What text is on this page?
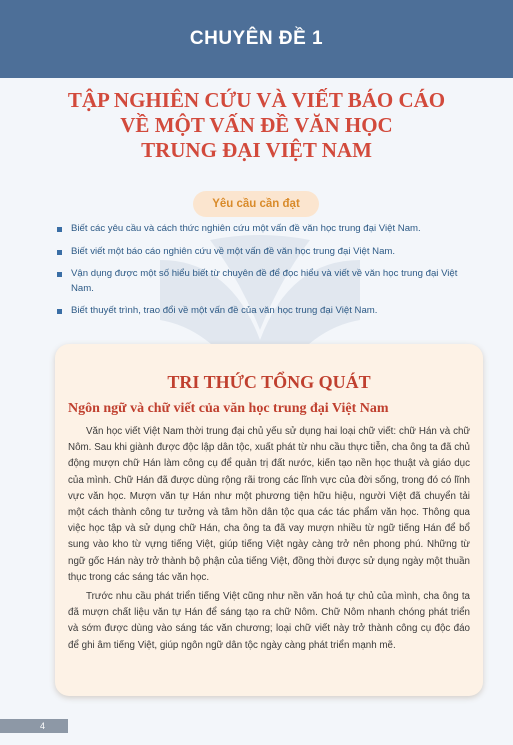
CHUYÊN ĐỀ 1
TẬP NGHIÊN CỨU VÀ VIẾT BÁO CÁO
VỀ MỘT VẤN ĐỀ VĂN HỌC
TRUNG ĐẠI VIỆT NAM
Yêu cầu cần đạt
Biết các yêu cầu và cách thức nghiên cứu một vấn đề văn học trung đại Việt Nam.
Biết viết một báo cáo nghiên cứu về một vấn đề văn học trung đại Việt Nam.
Vận dụng được một số hiểu biết từ chuyên đề để đọc hiểu và viết về văn học trung đại Việt Nam.
Biết thuyết trình, trao đổi về một vấn đề của văn học trung đại Việt Nam.
TRI THỨC TỔNG QUÁT
Ngôn ngữ và chữ viết của văn học trung đại Việt Nam

Văn học viết Việt Nam thời trung đại chủ yếu sử dụng hai loại chữ viết: chữ Hán và chữ Nôm. Sau khi giành được độc lập dân tộc, xuất phát từ nhu cầu thực tiễn, cha ông ta đã chủ động mượn chữ Hán làm công cụ để quản trị đất nước, kiến tạo nền học thuật và giáo dục của mình. Chữ Hán đã được dùng rộng rãi trong các lĩnh vực của đời sống, trong đó có lĩnh vực văn học. Mượn văn tự Hán như một phương tiện hữu hiệu, người Việt đã chuyển tải một cách thành công tư tưởng và tâm hồn dân tộc qua các tác phẩm văn học. Thông qua việc học tập và sử dụng chữ Hán, cha ông ta đã vay mượn nhiều từ ngữ tiếng Hán để bổ sung vào kho từ vựng tiếng Việt, giúp tiếng Việt ngày càng trở nên phong phú. Những từ ngữ gốc Hán này trở thành bộ phận của tiếng Việt, đồng thời được sử dụng ngày một thuần thục trong các sáng tác văn học.

Trước nhu cầu phát triển tiếng Việt cũng như nền văn hoá tự chủ của mình, cha ông ta đã mượn chất liệu văn tự Hán để sáng tạo ra chữ Nôm. Chữ Nôm nhanh chóng phát triển và sớm được dùng vào sáng tác văn chương; loại chữ viết này trở thành công cụ độc đáo để ghi âm tiếng Việt, giúp ngôn ngữ dân tộc ngày càng phát triển mạnh mẽ.

4
